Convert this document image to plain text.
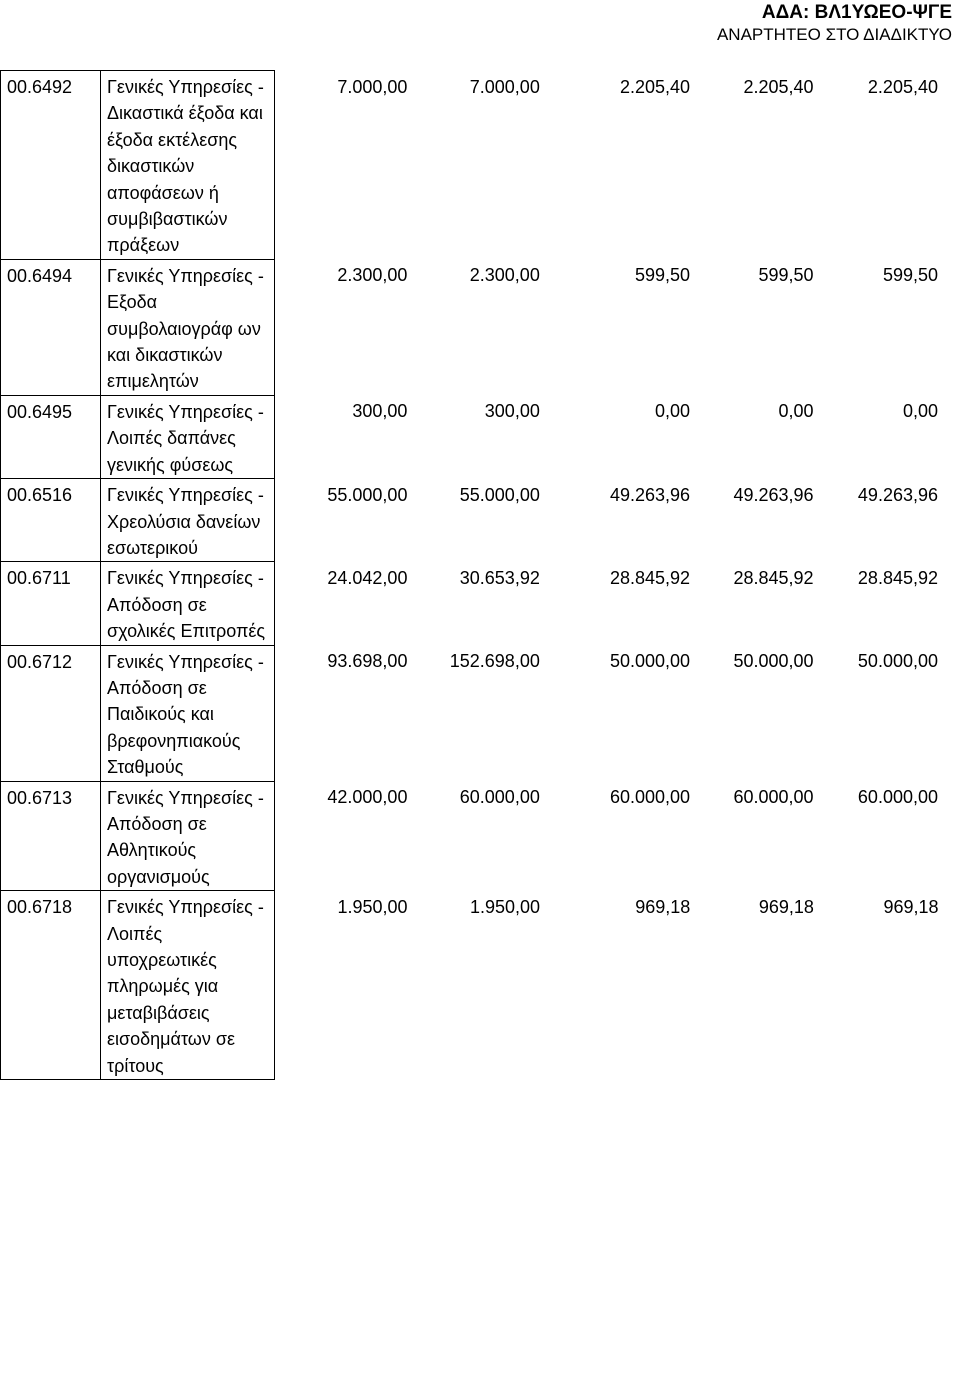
ΑΔΑ: ΒΛ1ΥΩΕΟ-ΨΓΕ
ΑΝΑΡΤΗΤΕΟ ΣΤΟ ΔΙΑΔΙΚΤΥΟ
00.6492	Γενικές Υπηρεσίες - Δικαστικά έξοδα και έξοδα εκτέλεσης δικαστικών αποφάσεων ή συμβιβαστικών πράξεων	7.000,00 7.000,00 2.205,40 2.205,40 2.205,40

00.6494	Γενικές Υπηρεσίες - Εξοδα συμβολαιογράφ ων και δικαστικών επιμελητών	2.300,00 2.300,00 599,50 599,50 599,50

00.6495	Γενικές Υπηρεσίες - Λοιπές δαπάνες γενικής φύσεως	300,00 300,00 0,00 0,00 0,00

00.6516	Γενικές Υπηρεσίες - Χρεολύσια δανείων εσωτερικού	55.000,00 55.000,00 49.263,96 49.263,96 49.263,96

00.6711	Γενικές Υπηρεσίες - Απόδοση σε σχολικές Επιτροπές	24.042,00 30.653,92 28.845,92 28.845,92 28.845,92

00.6712	Γενικές Υπηρεσίες - Απόδοση σε Παιδικούς και βρεφονηπιακούς Σταθμούς	93.698,00 152.698,00 50.000,00 50.000,00 50.000,00

00.6713	Γενικές Υπηρεσίες - Απόδοση σε Αθλητικούς οργανισμούς	42.000,00 60.000,00 60.000,00 60.000,00 60.000,00

00.6718	Γενικές Υπηρεσίες - Λοιπές υποχρεωτικές πληρωμές για μεταβιβάσεις εισοδημάτων σε τρίτους	1.950,00 1.950,00 969,18 969,18 969,18
